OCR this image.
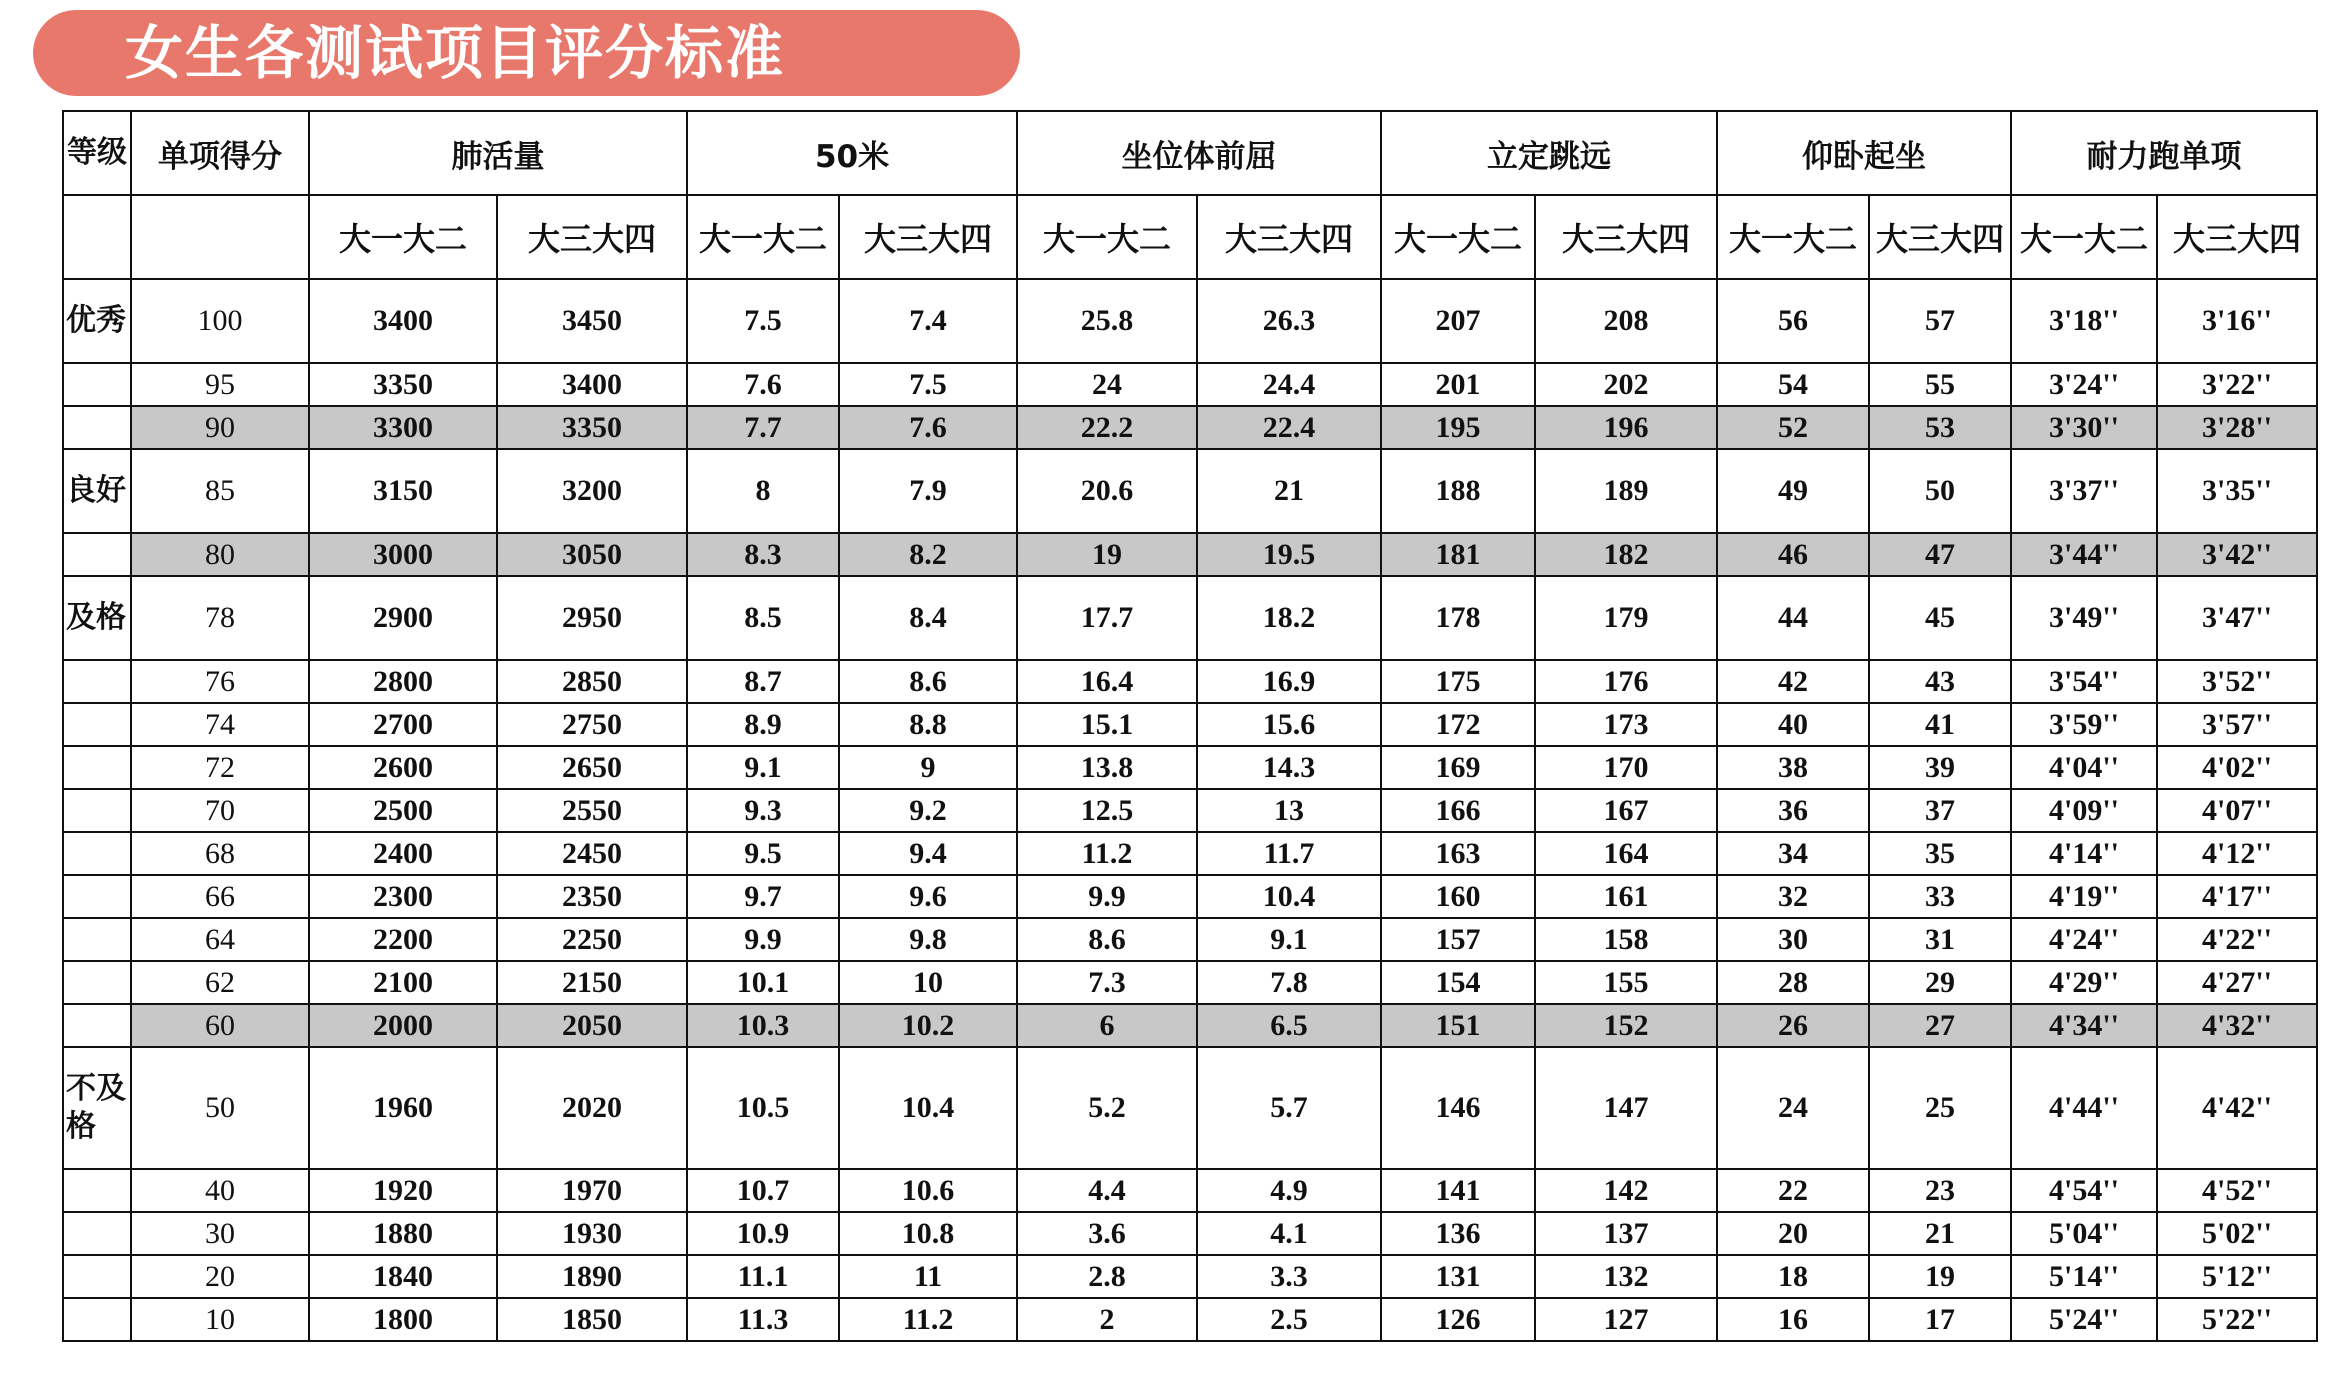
女生各测试项目评分标准
等级	单项得分	肺活量		50米		坐位体前屈		立定跳远		仰卧起坐		耐力跑单项	
		大一大二	大三大四	大一大二	大三大四	大一大二	大三大四	大一大二	大三大四	大一大二	大三大四	大一大二	大三大四
优秀	100	3400	3450	7.5	7.4	25.8	26.3	207	208	56	57	3'18''	3'16''
	95	3350	3400	7.6	7.5	24	24.4	201	202	54	55	3'24''	3'22''
	90	3300	3350	7.7	7.6	22.2	22.4	195	196	52	53	3'30''	3'28''
良好	85	3150	3200	8	7.9	20.6	21	188	189	49	50	3'37''	3'35''
	80	3000	3050	8.3	8.2	19	19.5	181	182	46	47	3'44''	3'42''
及格	78	2900	2950	8.5	8.4	17.7	18.2	178	179	44	45	3'49''	3'47''
	76	2800	2850	8.7	8.6	16.4	16.9	175	176	42	43	3'54''	3'52''
	74	2700	2750	8.9	8.8	15.1	15.6	172	173	40	41	3'59''	3'57''
	72	2600	2650	9.1	9	13.8	14.3	169	170	38	39	4'04''	4'02''
	70	2500	2550	9.3	9.2	12.5	13	166	167	36	37	4'09''	4'07''
	68	2400	2450	9.5	9.4	11.2	11.7	163	164	34	35	4'14''	4'12''
	66	2300	2350	9.7	9.6	9.9	10.4	160	161	32	33	4'19''	4'17''
	64	2200	2250	9.9	9.8	8.6	9.1	157	158	30	31	4'24''	4'22''
	62	2100	2150	10.1	10	7.3	7.8	154	155	28	29	4'29''	4'27''
	60	2000	2050	10.3	10.2	6	6.5	151	152	26	27	4'34''	4'32''
不及格	50	1960	2020	10.5	10.4	5.2	5.7	146	147	24	25	4'44''	4'42''
	40	1920	1970	10.7	10.6	4.4	4.9	141	142	22	23	4'54''	4'52''
	30	1880	1930	10.9	10.8	3.6	4.1	136	137	20	21	5'04''	5'02''
	20	1840	1890	11.1	11	2.8	3.3	131	132	18	19	5'14''	5'12''
	10	1800	1850	11.3	11.2	2	2.5	126	127	16	17	5'24''	5'22''
